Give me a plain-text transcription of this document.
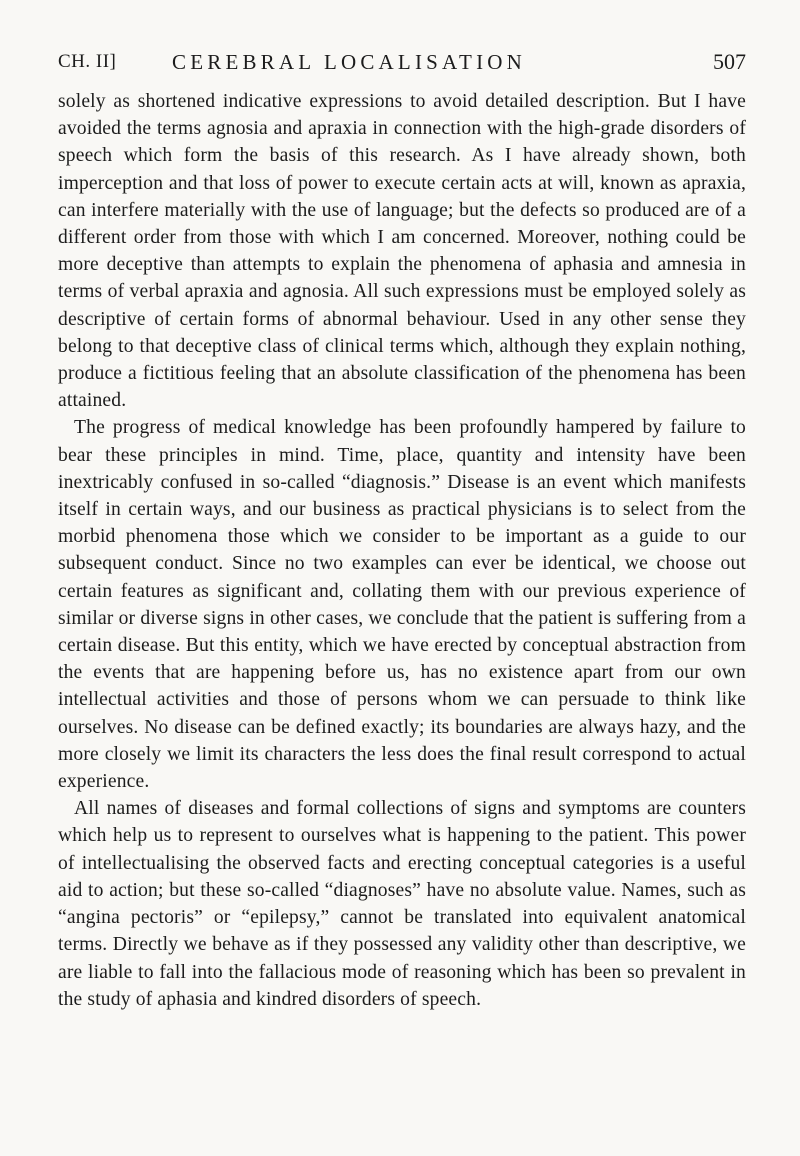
CH. II]	CEREBRAL LOCALISATION	507

solely as shortened indicative expressions to avoid detailed description. But I have avoided the terms agnosia and apraxia in connection with the high-grade disorders of speech which form the basis of this research. As I have already shown, both imperception and that loss of power to execute certain acts at will, known as apraxia, can interfere materially with the use of language; but the defects so produced are of a different order from those with which I am concerned. Moreover, nothing could be more deceptive than attempts to explain the phenomena of aphasia and amnesia in terms of verbal apraxia and agnosia. All such expressions must be employed solely as descriptive of certain forms of abnormal behaviour. Used in any other sense they belong to that deceptive class of clinical terms which, although they explain nothing, produce a fictitious feeling that an absolute classification of the phenomena has been attained.

The progress of medical knowledge has been profoundly hampered by failure to bear these principles in mind. Time, place, quantity and intensity have been inextricably confused in so-called “diagnosis.” Disease is an event which manifests itself in certain ways, and our business as practical physicians is to select from the morbid phenomena those which we consider to be important as a guide to our subsequent conduct. Since no two examples can ever be identical, we choose out certain features as significant and, collating them with our previous experience of similar or diverse signs in other cases, we conclude that the patient is suffering from a certain disease. But this entity, which we have erected by conceptual abstraction from the events that are happening before us, has no existence apart from our own intellectual activities and those of persons whom we can persuade to think like ourselves. No disease can be defined exactly; its boundaries are always hazy, and the more closely we limit its characters the less does the final result correspond to actual experience.

All names of diseases and formal collections of signs and symptoms are counters which help us to represent to ourselves what is happening to the patient. This power of intellectualising the observed facts and erecting conceptual categories is a useful aid to action; but these so-called “diagnoses” have no absolute value. Names, such as “angina pectoris” or “epilepsy,” cannot be translated into equivalent anatomical terms. Directly we behave as if they possessed any validity other than descriptive, we are liable to fall into the fallacious mode of reasoning which has been so prevalent in the study of aphasia and kindred disorders of speech.
